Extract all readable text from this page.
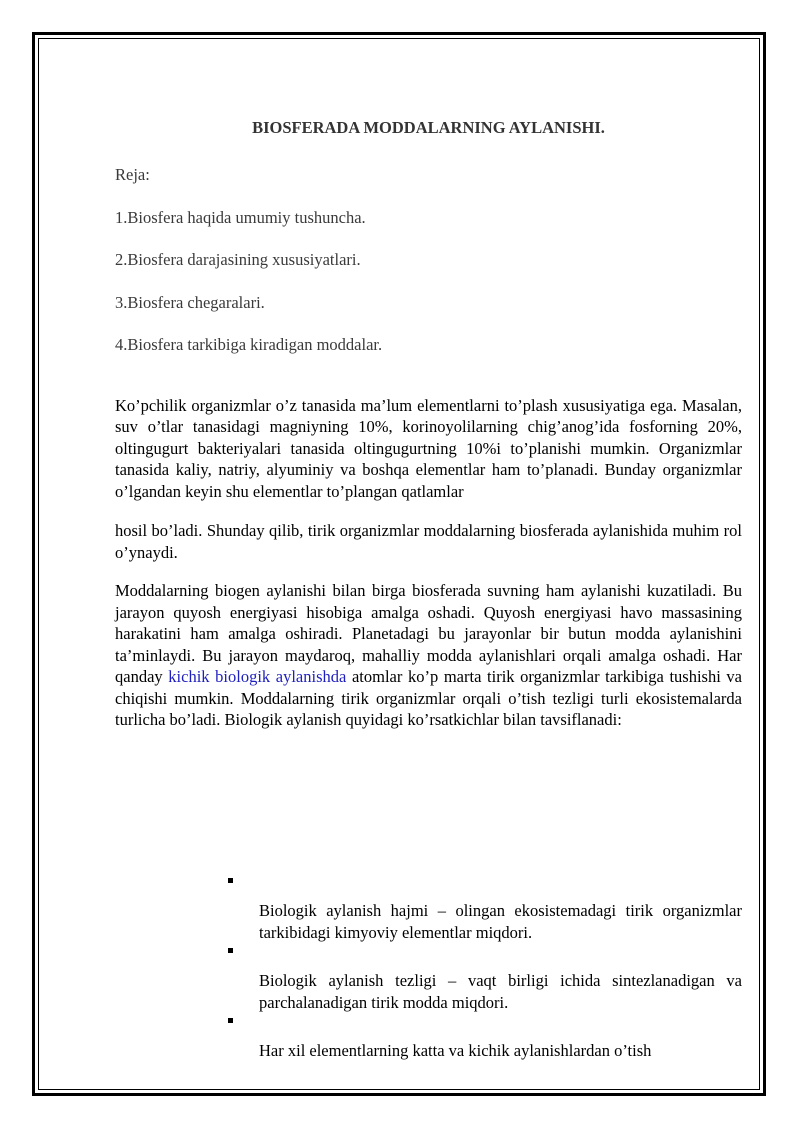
BIOSFERADA MODDALARNING AYLANISHI.

Reja:

1.Biosfera haqida umumiy tushuncha.

2.Biosfera darajasining xususiyatlari.

3.Biosfera chegaralari.

4.Biosfera tarkibiga kiradigan moddalar.

Ko’pchilik organizmlar o’z tanasida ma’lum elementlarni to’plash xususiyatiga ega. Masalan, suv o’tlar tanasidagi magniyning 10%, korinoyolilarning chig’anog’ida fosforning 20%, oltingugurt bakteriyalari tanasida oltingugurtning 10%i to’planishi mumkin. Organizmlar tanasida kaliy, natriy, alyuminiy va boshqa elementlar ham to’planadi. Bunday organizmlar o’lgandan keyin shu elementlar to’plangan qatlamlar

hosil bo’ladi. Shunday qilib, tirik organizmlar moddalarning biosferada aylanishida muhim rol o’ynaydi.

Moddalarning biogen aylanishi bilan birga biosferada suvning ham aylanishi kuzatiladi. Bu jarayon quyosh energiyasi hisobiga amalga oshadi. Quyosh energiyasi havo massasining harakatini ham amalga oshiradi. Planetadagi bu jarayonlar bir butun modda aylanishini ta’minlaydi. Bu jarayon maydaroq, mahalliy modda aylanishlari orqali amalga oshadi. Har qanday kichik biologik aylanishda atomlar ko’p marta tirik organizmlar tarkibiga tushishi va chiqishi mumkin. Moddalarning tirik organizmlar orqali o’tish tezligi turli ekosistemalarda turlicha bo’ladi. Biologik aylanish quyidagi ko’rsatkichlar bilan tavsiflanadi:

Biologik aylanish hajmi – olingan ekosistemadagi tirik organizmlar tarkibidagi kimyoviy elementlar miqdori.

Biologik aylanish tezligi – vaqt birligi ichida sintezlanadigan va parchalanadigan tirik modda miqdori.

Har xil elementlarning katta va kichik aylanishlardan o’tish
